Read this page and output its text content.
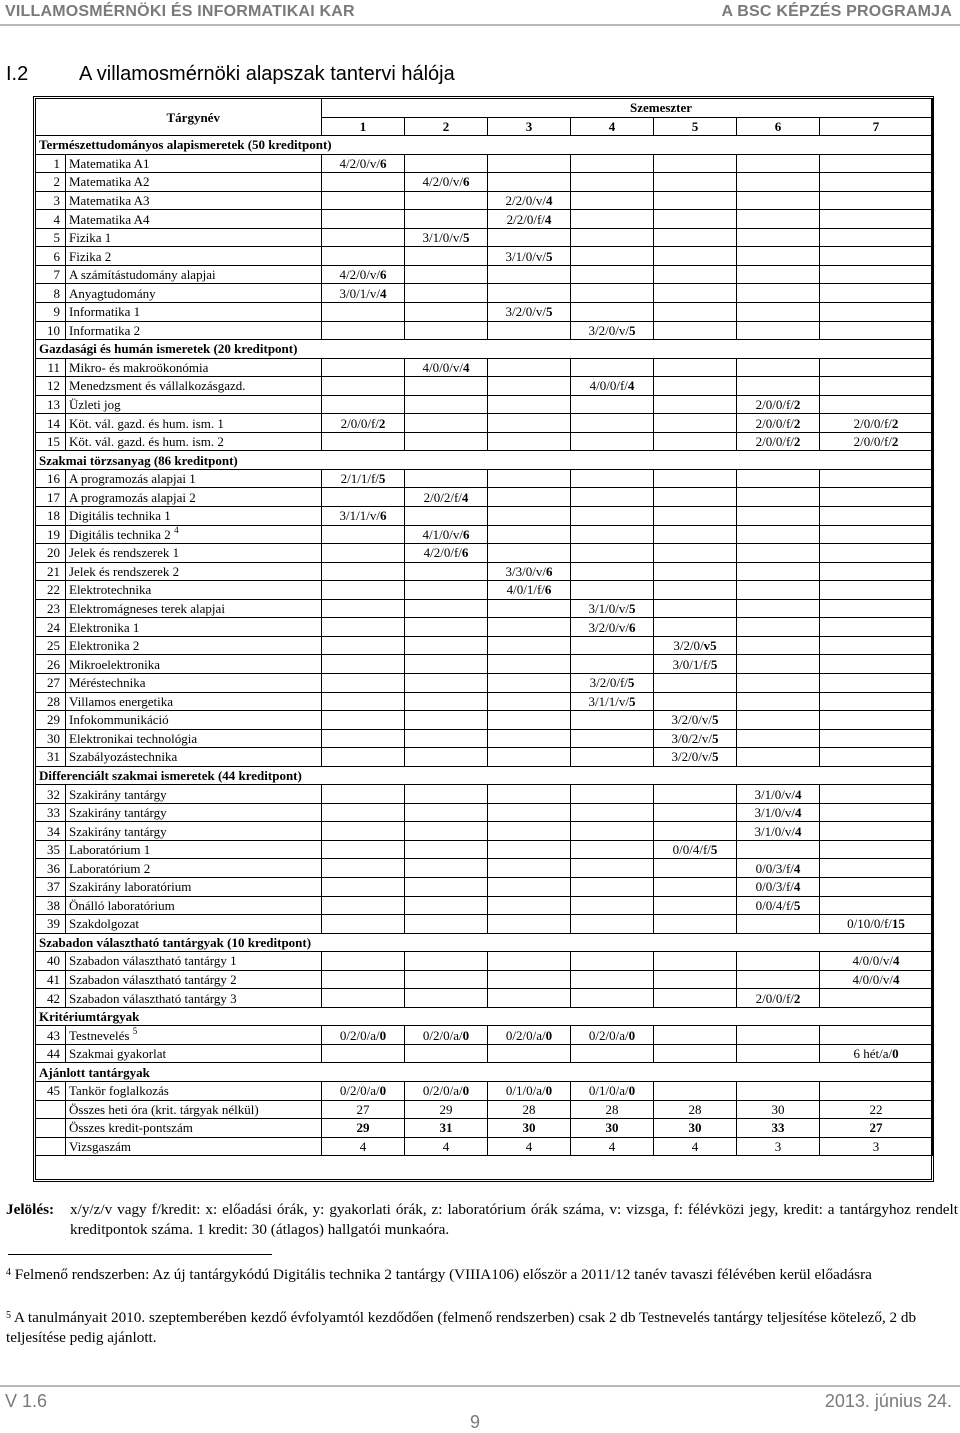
VILLAMOSMÉRNÖKI ÉS INFORMATIKAI KAR	A BSC KÉPZÉS PROGRAMJA
I.2	A villamosmérnöki alapszak tantervi hálója
	Tárgynév	Szemeszter						
		1	2	3	4	5	6	7
Természettudományos alapismeretek (50 kreditpont)								
1	Matematika A1	4/2/0/v/6						
2	Matematika A2		4/2/0/v/6					
3	Matematika A3			2/2/0/v/4				
4	Matematika A4			2/2/0/f/4				
5	Fizika 1		3/1/0/v/5					
6	Fizika 2			3/1/0/v/5				
7	A számítástudomány alapjai	4/2/0/v/6						
8	Anyagtudomány	3/0/1/v/4						
9	Informatika 1			3/2/0/v/5				
10	Informatika 2				3/2/0/v/5			
Gazdasági és humán ismeretek (20 kreditpont)								
11	Mikro- és makroökonómia		4/0/0/v/4					
12	Menedzsment és vállalkozásgazd.				4/0/0/f/4			
13	Üzleti jog						2/0/0/f/2	
14	Köt. vál. gazd. és hum. ism. 1	2/0/0/f/2					2/0/0/f/2	2/0/0/f/2
15	Köt. vál. gazd. és hum. ism. 2						2/0/0/f/2	2/0/0/f/2
Szakmai törzsanyag (86 kreditpont)								
16	A programozás alapjai 1	2/1/1/f/5						
17	A programozás alapjai 2		2/0/2/f/4					
18	Digitális technika 1	3/1/1/v/6						
19	Digitális technika 2 $^4$		4/1/0/v/6					
20	Jelek és rendszerek 1		4/2/0/f/6					
21	Jelek és rendszerek 2			3/3/0/v/6				
22	Elektrotechnika			4/0/1/f/6				
23	Elektromágneses terek alapjai				3/1/0/v/5			
24	Elektronika 1				3/2/0/v/6			
25	Elektronika 2					3/2/0/v5		
26	Mikroelektronika					3/0/1/f/5		
27	Méréstechnika				3/2/0/f/5			
28	Villamos energetika				3/1/1/v/5			
29	Infokommunikáció					3/2/0/v/5		
30	Elektronikai technológia					3/0/2/v/5		
31	Szabályozástechnika					3/2/0/v/5		
Differenciált szakmai ismeretek (44 kreditpont)								
32	Szakirány tantárgy						3/1/0/v/4	
33	Szakirány tantárgy						3/1/0/v/4	
34	Szakirány tantárgy						3/1/0/v/4	
35	Laboratórium 1					0/0/4/f/5		
36	Laboratórium 2						0/0/3/f/4	
37	Szakirány laboratórium						0/0/3/f/4	
38	Önálló laboratórium						0/0/4/f/5	
39	Szakdolgozat							0/10/0/f/15
Szabadon választható tantárgyak (10 kreditpont)								
40	Szabadon választható tantárgy 1							4/0/0/v/4
41	Szabadon választható tantárgy 2							4/0/0/v/4
42	Szabadon választható tantárgy 3						2/0/0/f/2	
Kritériumtárgyak								
43	Testnevelés $^5$	0/2/0/a/0	0/2/0/a/0	0/2/0/a/0	0/2/0/a/0			
44	Szakmai gyakorlat							6 hét/a/0
Ajánlott tantárgyak								
45	Tankör foglalkozás	0/2/0/a/0	0/2/0/a/0	0/1/0/a/0	0/1/0/a/0			
	Összes heti óra (krit. tárgyak nélkül)	27	29	28	28	28	30	22
	Összes kredit-pontszám	29	31	30	30	30	33	27
	Vizsgaszám	4	4	4	4	4	3	3
Jelölés: x/y/z/v vagy f/kredit: x: előadási órák, y: gyakorlati órák, z: laboratórium órák száma, v: vizsga, f: félévközi jegy, kredit: a tantárgyhoz rendelt kreditpontok száma. 1 kredit: 30 (átlagos) hallgatói munkaóra.
$^4$ Felmenő rendszerben: Az új tantárgykódú Digitális technika 2 tantárgy (VIIIA106) először a 2011/12 tanév tavaszi félévében kerül előadásra
$^5$ A tanulmányait 2010. szeptemberében kezdő évfolyamtól kezdődően (felmenő rendszerben) csak 2 db Testnevelés tantárgy teljesítése kötelező, 2 db teljesítése pedig ajánlott.
V 1.6	2013. június 24.
9
